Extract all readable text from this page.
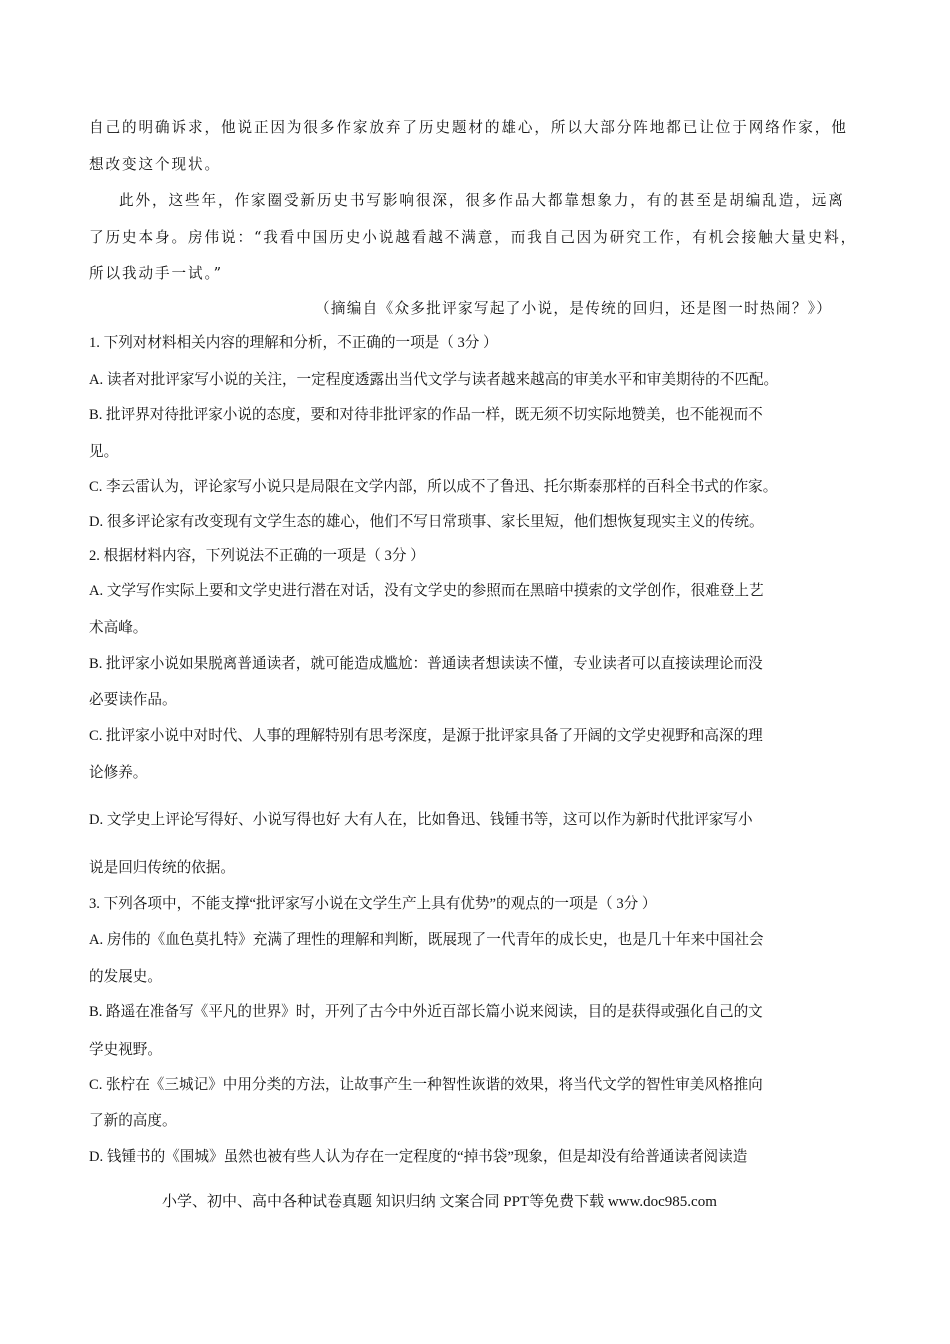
自己的明确诉求，他说正因为很多作家放弃了历史题材的雄心，所以大部分阵地都已让位于网络作家，他
想改变这个现状。
此外，这些年，作家圈受新历史书写影响很深，很多作品大都靠想象力，有的甚至是胡编乱造，远离
了历史本身。房伟说：“我看中国历史小说越看越不满意，而我自己因为研究工作，有机会接触大量史料，
所以我动手一试。”
（摘编自《众多批评家写起了小说，是传统的回归，还是图一时热闹？》）
1. 下列对材料相关内容的理解和分析，不正确的一项是（ 3分 ）
A. 读者对批评家写小说的关注，一定程度透露出当代文学与读者越来越高的审美水平和审美期待的不匹配。
B. 批评界对待批评家小说的态度，要和对待非批评家的作品一样，既无须不切实际地赞美，也不能视而不
见。
C. 李云雷认为，评论家写小说只是局限在文学内部，所以成不了鲁迅、托尔斯泰那样的百科全书式的作家。
D. 很多评论家有改变现有文学生态的雄心，他们不写日常琐事、家长里短，他们想恢复现实主义的传统。
2. 根据材料内容，下列说法不正确的一项是（ 3分 ）
A. 文学写作实际上要和文学史进行潜在对话，没有文学史的参照而在黑暗中摸索的文学创作，很难登上艺
术高峰。
B. 批评家小说如果脱离普通读者，就可能造成尴尬：普通读者想读读不懂，专业读者可以直接读理论而没
必要读作品。
C. 批评家小说中对时代、人事的理解特别有思考深度，是源于批评家具备了开阔的文学史视野和高深的理
论修养。
D. 文学史上评论写得好、小说写得也好 大有人在，比如鲁迅、钱锺书等，这可以作为新时代批评家写小
说是回归传统的依据。
3. 下列各项中，不能支撑“批评家写小说在文学生产上具有优势”的观点的一项是（ 3分 ）
A. 房伟的《血色莫扎特》充满了理性的理解和判断，既展现了一代青年的成长史，也是几十年来中国社会
的发展史。
B. 路遥在准备写《平凡的世界》时，开列了古今中外近百部长篇小说来阅读，目的是获得或强化自己的文
学史视野。
C. 张柠在《三城记》中用分类的方法，让故事产生一种智性诙谐的效果，将当代文学的智性审美风格推向
了新的高度。
D. 钱锺书的《围城》虽然也被有些人认为存在一定程度的“掉书袋”现象，但是却没有给普通读者阅读造
小学、初中、高中各种试卷真题 知识归纳 文案合同 PPT等免费下载 www.doc985.com
